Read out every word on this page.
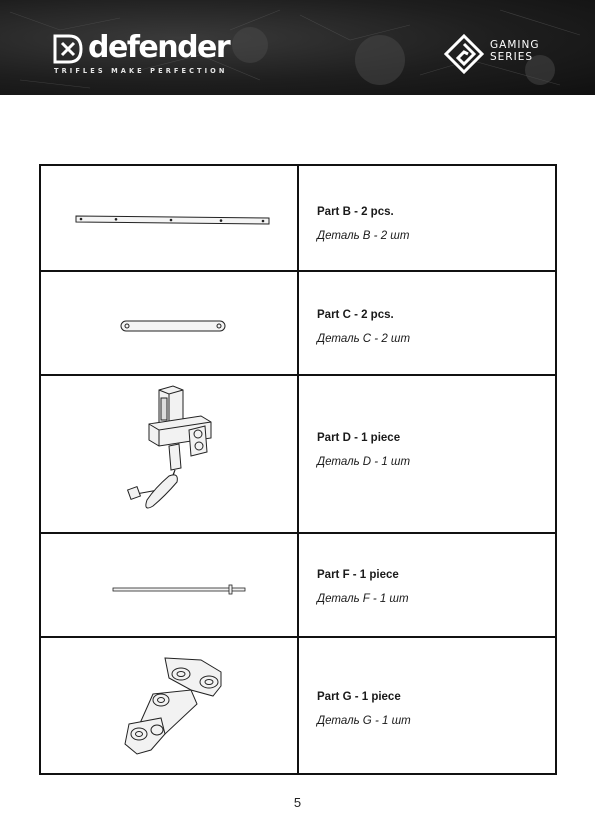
defender
TRIFLES MAKE PERFECTION
GAMING
SERIES
Part B - 2 pcs.
Деталь B - 2 шт
Part C - 2 pcs.
Деталь C - 2 шт
Part D - 1 piece
Деталь D - 1 шт
Part F - 1 piece
Деталь F - 1 шт
Part G - 1 piece
Деталь G - 1 шт
5
